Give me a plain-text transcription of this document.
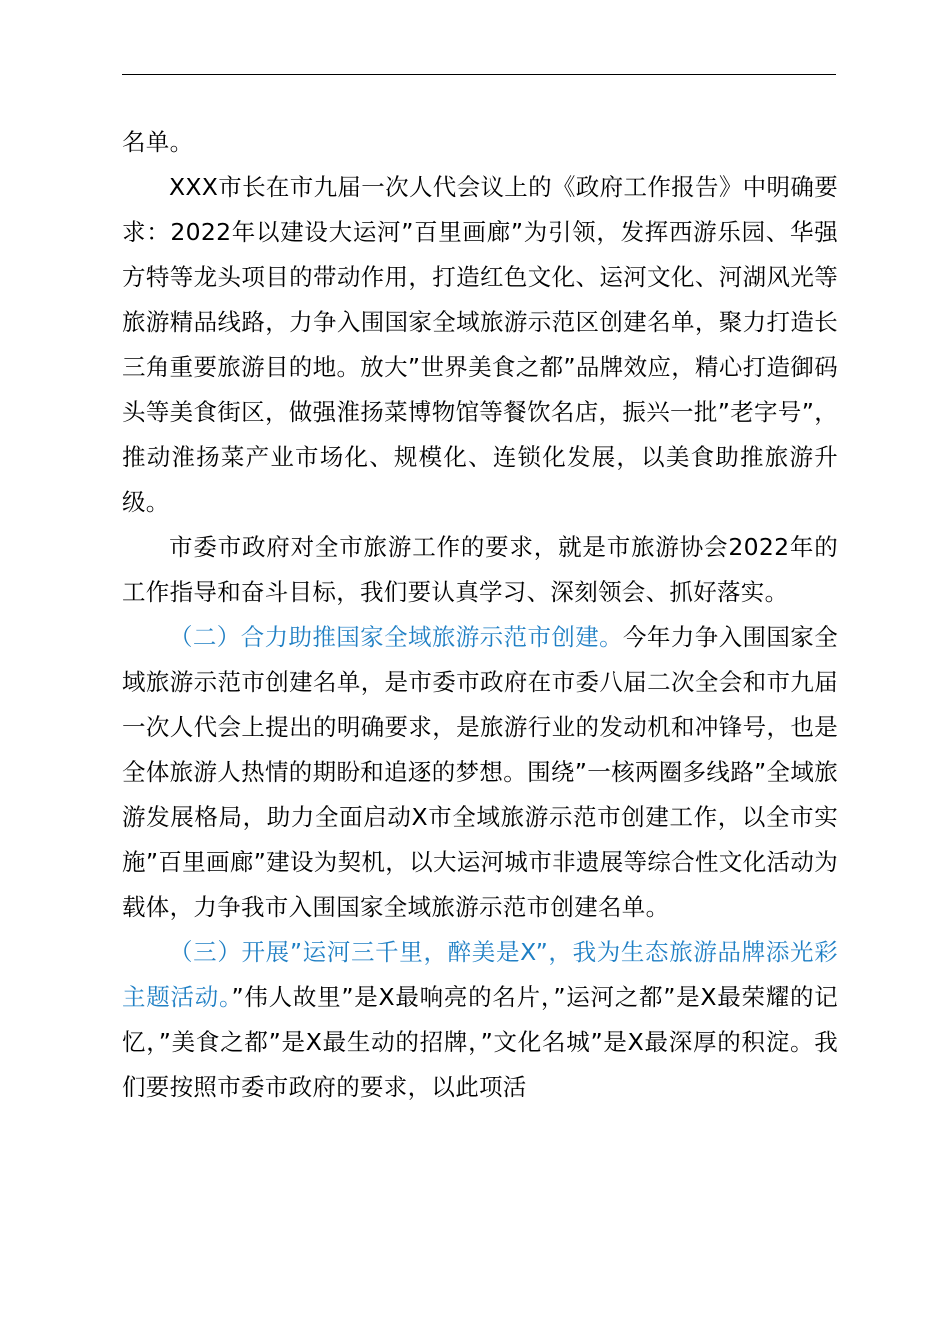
名单。

XXX市长在市九届一次人代会议上的《政府工作报告》中明确要求：2022年以建设大运河”百里画廊”为引领，发挥西游乐园、华强方特等龙头项目的带动作用，打造红色文化、运河文化、河湖风光等旅游精品线路，力争入围国家全域旅游示范区创建名单，聚力打造长三角重要旅游目的地。放大”世界美食之都”品牌效应，精心打造御码头等美食街区，做强淮扬菜博物馆等餐饮名店，振兴一批”老字号”，推动淮扬菜产业市场化、规模化、连锁化发展，以美食助推旅游升级。

市委市政府对全市旅游工作的要求，就是市旅游协会2022年的工作指导和奋斗目标，我们要认真学习、深刻领会、抓好落实。

（二）合力助推国家全域旅游示范市创建。今年力争入围国家全域旅游示范市创建名单，是市委市政府在市委八届二次全会和市九届一次人代会上提出的明确要求，是旅游行业的发动机和冲锋号，也是全体旅游人热情的期盼和追逐的梦想。围绕”一核两圈多线路”全域旅游发展格局，助力全面启动X市全域旅游示范市创建工作，以全市实施”百里画廊”建设为契机，以大运河城市非遗展等综合性文化活动为载体，力争我市入围国家全域旅游示范市创建名单。

（三）开展”运河三千里，醉美是X”，我为生态旅游品牌添光彩主题活动。”伟人故里”是X最响亮的名片，”运河之都”是X最荣耀的记忆，”美食之都”是X最生动的招牌，”文化名城”是X最深厚的积淀。我们要按照市委市政府的要求，以此项活
